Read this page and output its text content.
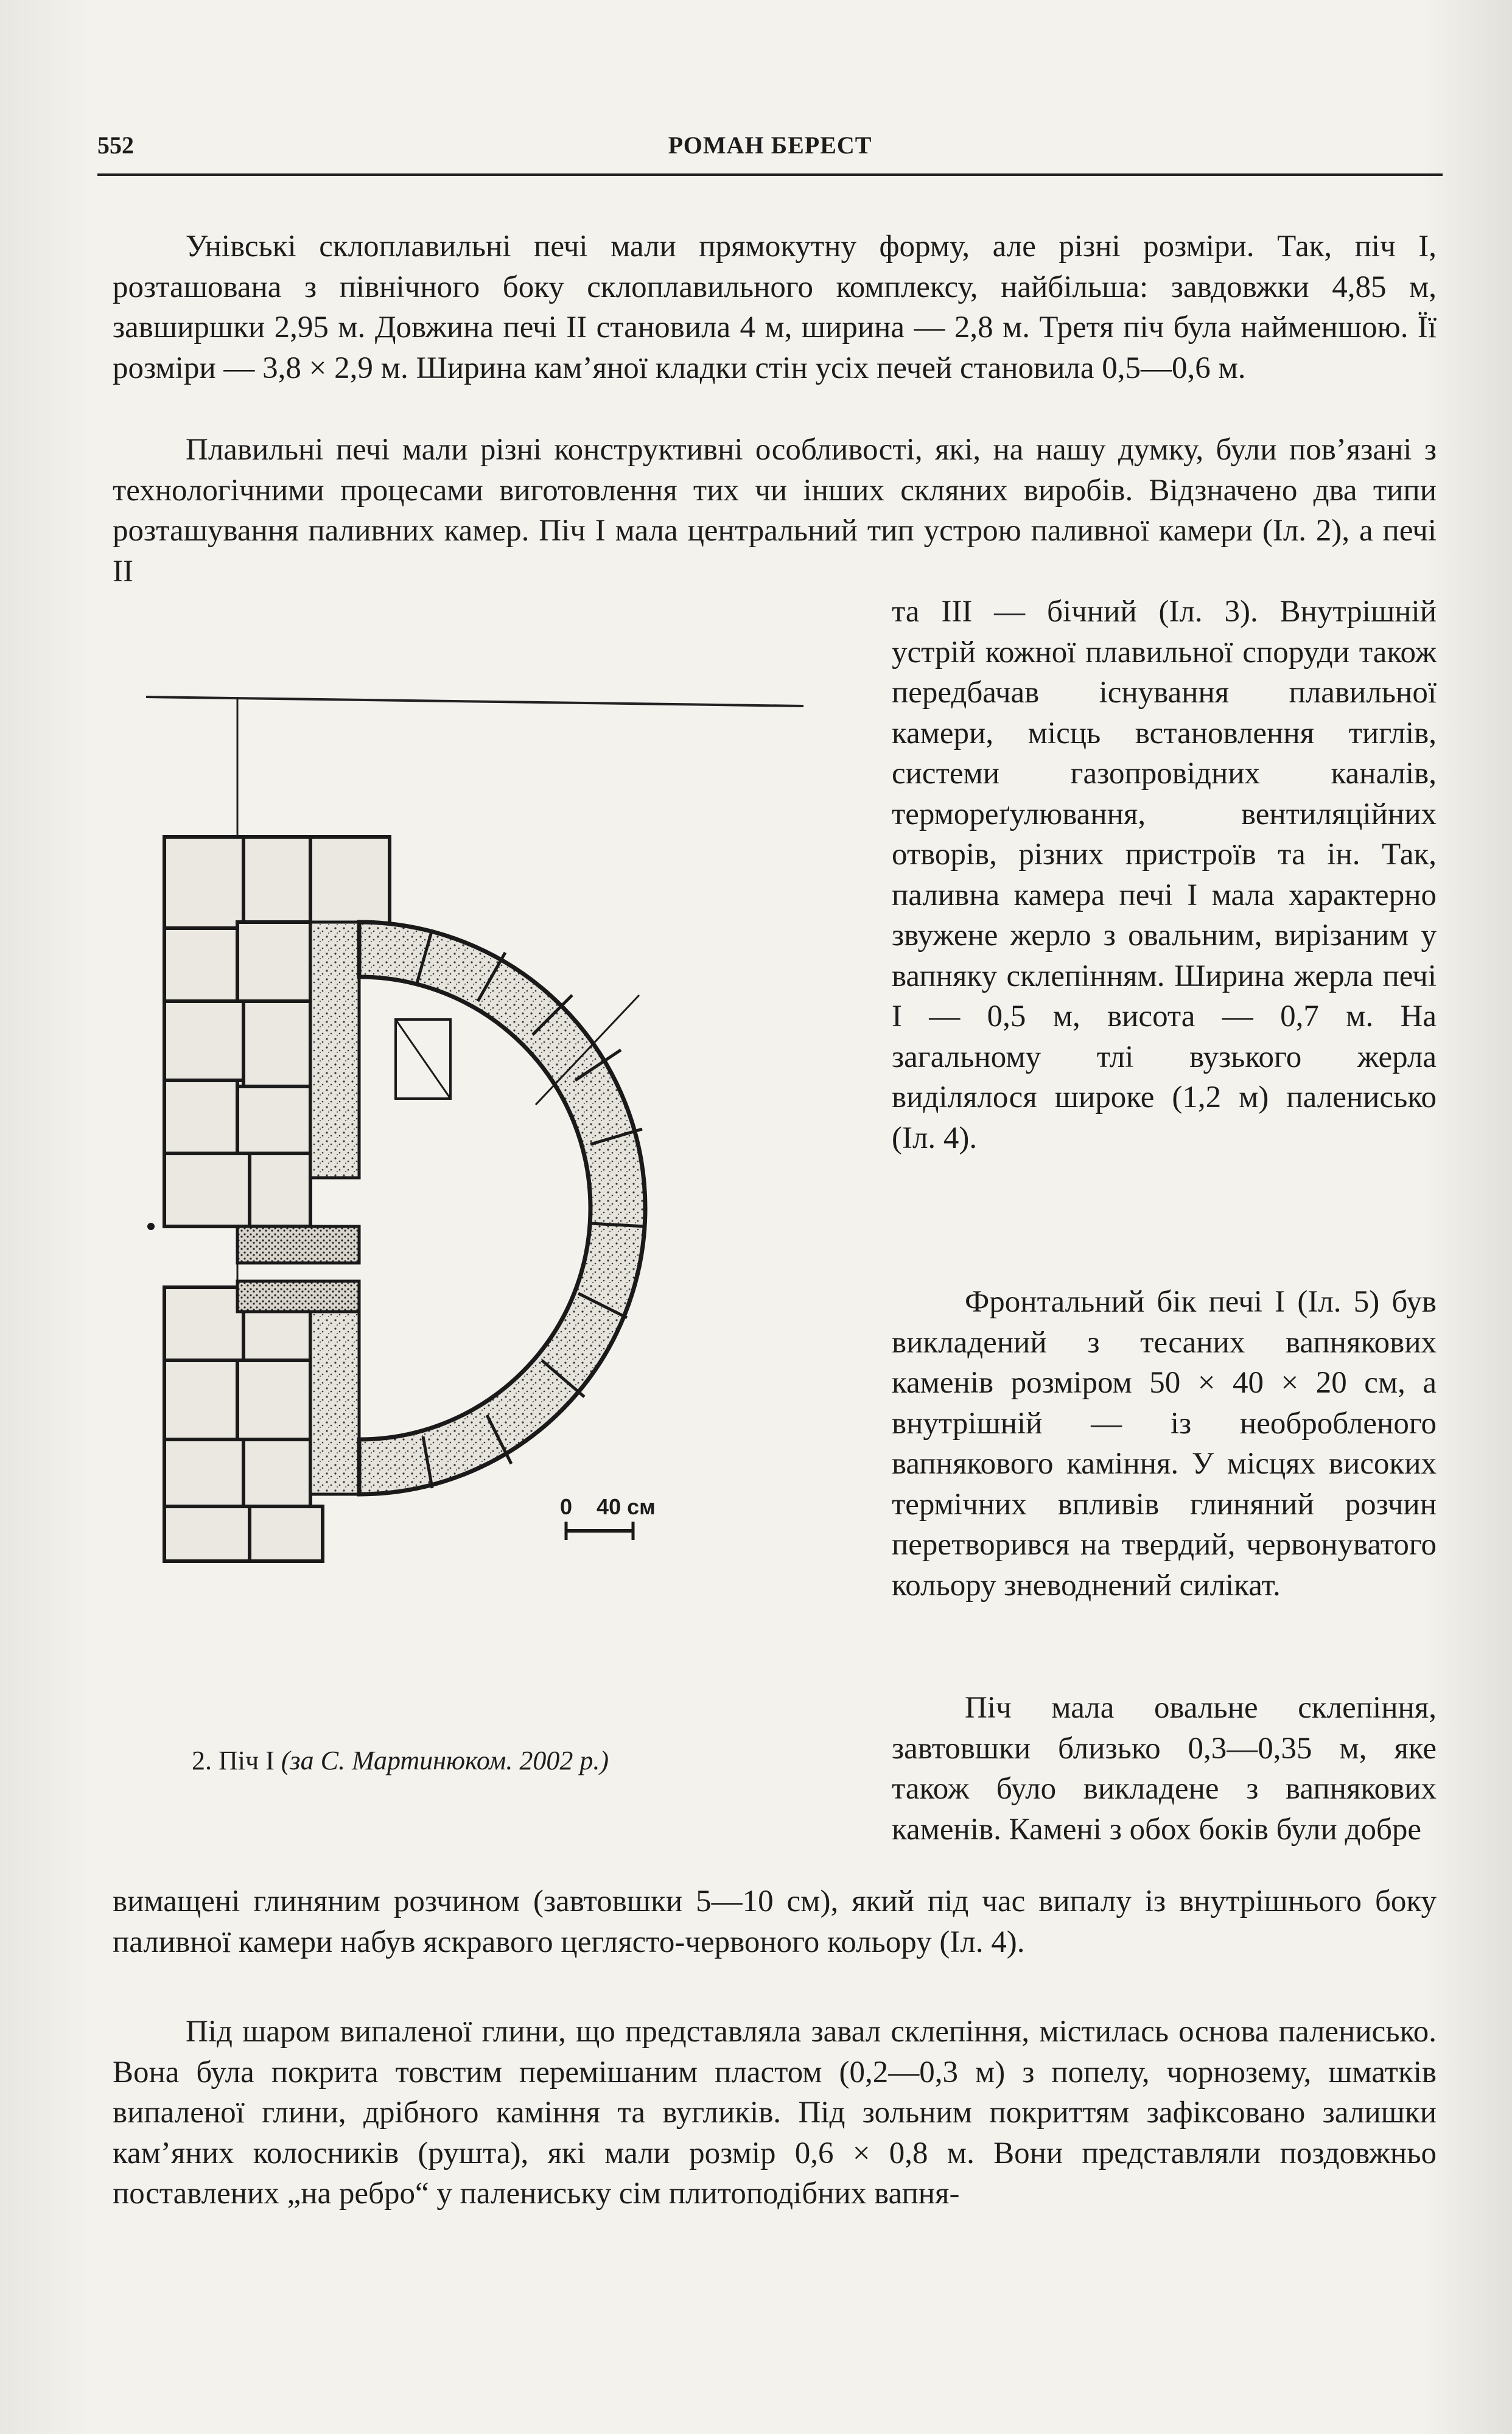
552	РОМАН БЕРЕСТ

Унівські склоплавильні печі мали прямокутну форму, але різні розміри. Так, піч I, розташована з північного боку склоплавильного комплексу, найбільша: завдовжки 4,85 м, завширшки 2,95 м. Довжина печі II становила 4 м, ширина — 2,8 м. Третя піч була найменшою. Її розміри — 3,8 × 2,9 м. Ширина кам’яної кладки стін усіх печей становила 0,5—0,6 м.

Плавильні печі мали різні конструктивні особливості, які, на нашу думку, були пов’язані з технологічними процесами виготовлення тих чи інших скляних виробів. Відзначено два типи розташування паливних камер. Піч I мала центральний тип устрою паливної камери (Іл. 2), а печі II

та III — бічний (Іл. 3). Внутрішній устрій кожної плавильної споруди також передбачав існування плавильної камери, місць встановлення тиглів, системи газопровідних каналів, термореґулювання, вентиляційних отворів, різних пристроїв та ін. Так, паливна камера печі I мала характерно звужене жерло з овальним, вирізаним у вапняку склепінням. Ширина жерла печі I — 0,5 м, висота — 0,7 м. На загальному тлі вузького жерла виділялося широке (1,2 м) паленисько (Іл. 4).

Фронтальний бік печі I (Іл. 5) був викладений з тесаних вапнякових каменів розміром 50 × 40 × 20 см, а внутрішній — із необробленого вапнякового каміння. У місцях високих термічних впливів глиняний розчин перетворився на твердий, червонуватого кольору зневоднений силікат.

Піч мала овальне склепіння, завтовшки близько 0,3—0,35 м, яке також було викладене з вапнякових каменів. Камені з обох боків були добре

вимащені глиняним розчином (завтовшки 5—10 см), який під час випалу із внутрішнього боку паливної камери набув яскравого цеглясто-червоного кольору (Іл. 4).

Під шаром випаленої глини, що представляла завал склепіння, містилась основа паленисько. Вона була покрита товстим перемішаним пластом (0,2—0,3 м) з попелу, чорнозему, шматків випаленої глини, дрібного каміння та вугликів. Під зольним покриттям зафіксовано залишки кам’яних колосників (рушта), які мали розмір 0,6 × 0,8 м. Вони представляли поздовжньо поставлених „на ребро“ у палениську сім плитоподібних вапня-

0 40 см
2. Піч I (за С. Мартинюком. 2002 р.)
